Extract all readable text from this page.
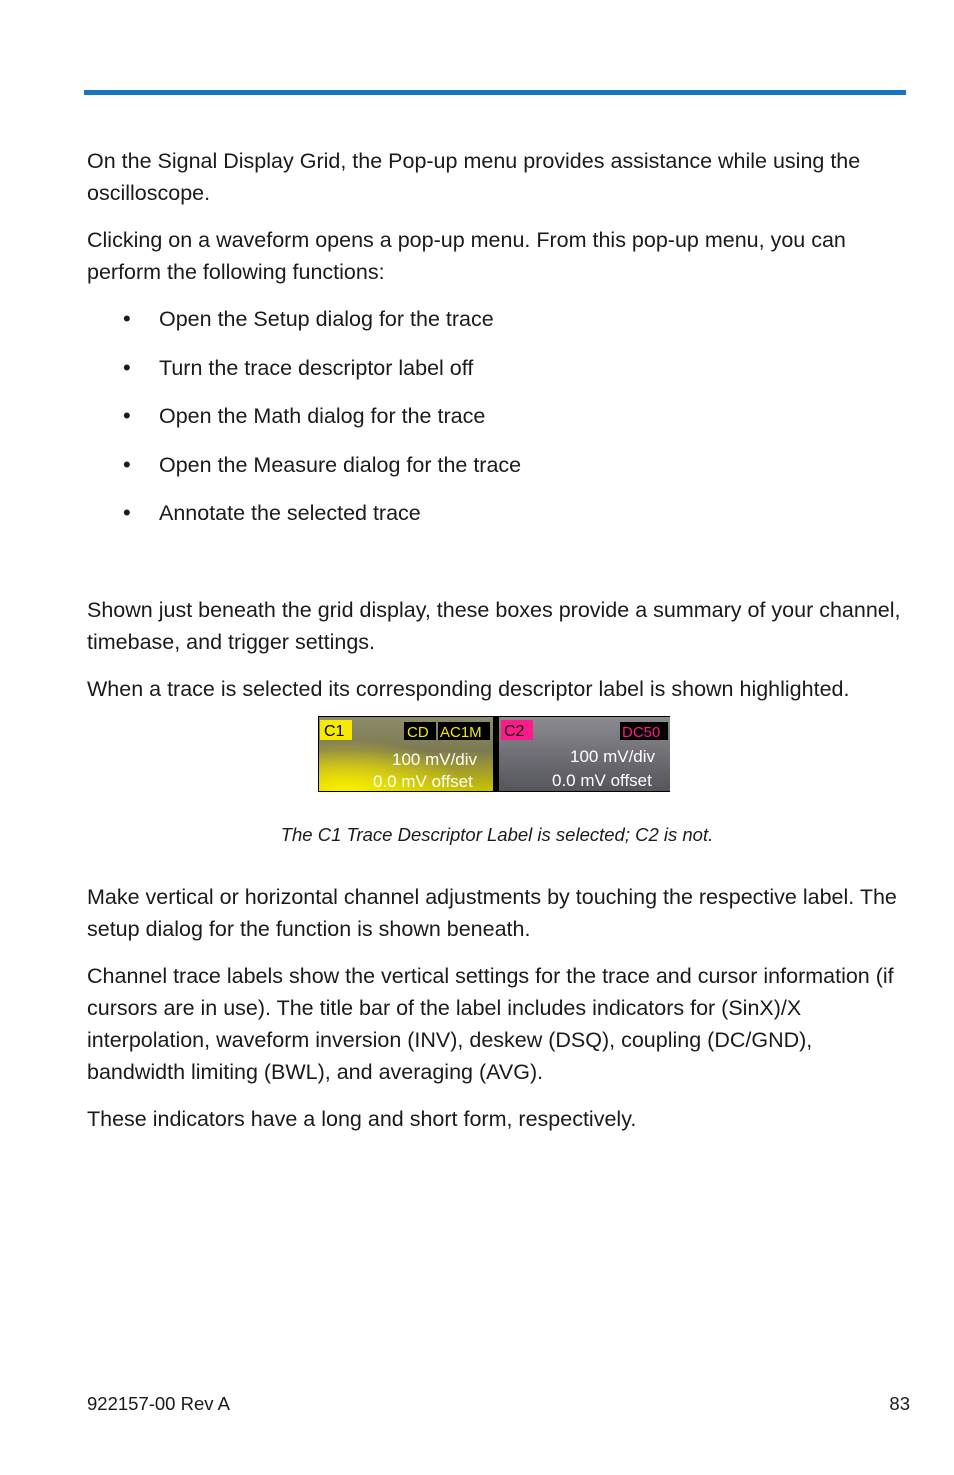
On the Signal Display Grid, the Pop-up menu provides assistance while using the oscilloscope.

Clicking on a waveform opens a pop-up menu. From this pop-up menu, you can perform the following functions:

• Open the Setup dialog for the trace
• Turn the trace descriptor label off
• Open the Math dialog for the trace
• Open the Measure dialog for the trace
• Annotate the selected trace

Shown just beneath the grid display, these boxes provide a summary of your channel, timebase, and trigger settings.

When a trace is selected its corresponding descriptor label is shown highlighted.

C1	CD AC1M
100 mV/div
0.0 mV offset
C2	DC50
100 mV/div
0.0 mV offset
The C1 Trace Descriptor Label is selected; C2 is not.

Make vertical or horizontal channel adjustments by touching the respective label. The setup dialog for the function is shown beneath.

Channel trace labels show the vertical settings for the trace and cursor information (if cursors are in use). The title bar of the label includes indicators for (SinX)/X interpolation, waveform inversion (INV), deskew (DSQ), coupling (DC/GND), bandwidth limiting (BWL), and averaging (AVG).

These indicators have a long and short form, respectively.

922157-00 Rev A	83
